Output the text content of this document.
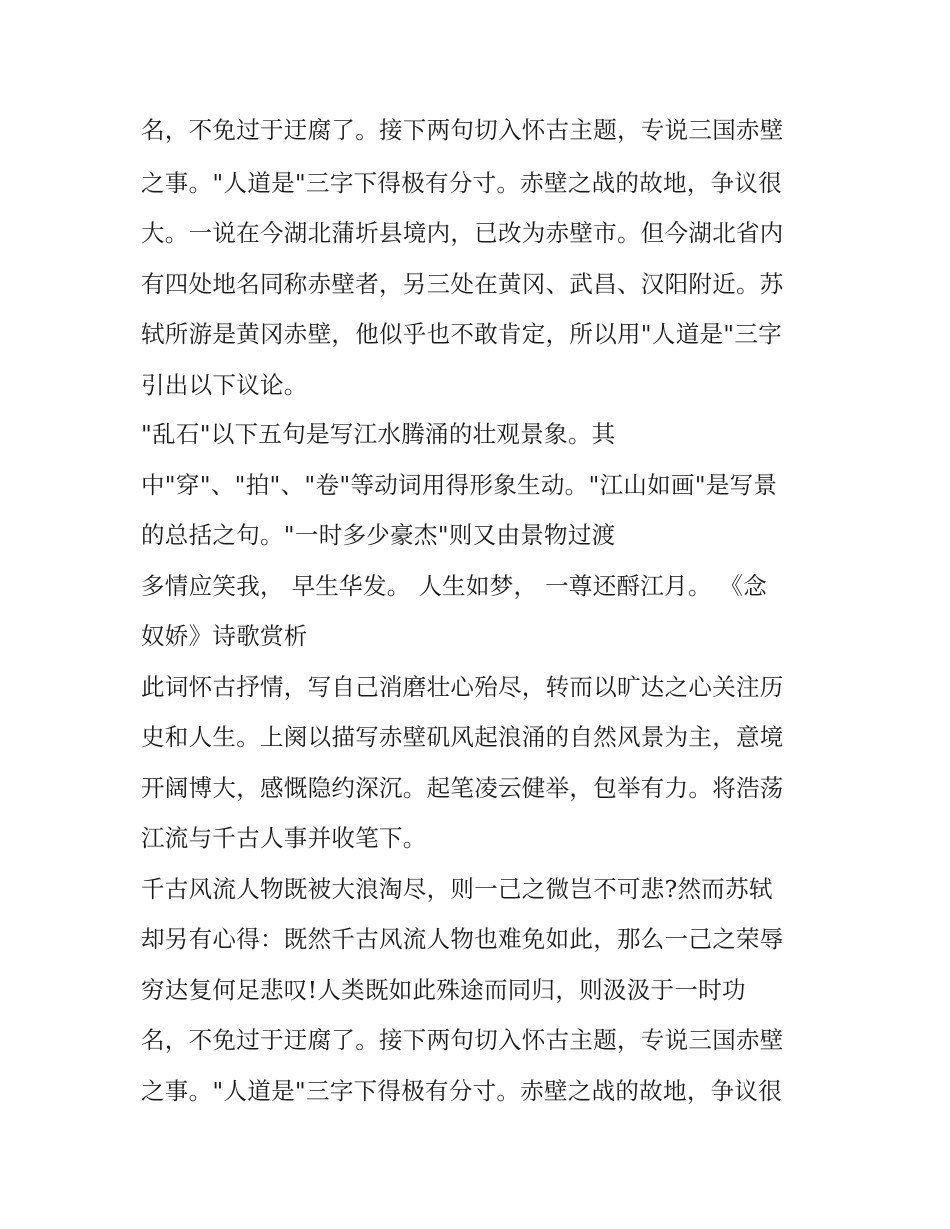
名，不免过于迂腐了。接下两句切入怀古主题，专说三国赤壁
之事。"人道是"三字下得极有分寸。赤壁之战的故地，争议很
大。一说在今湖北蒲圻县境内，已改为赤壁市。但今湖北省内
有四处地名同称赤壁者，另三处在黄冈、武昌、汉阳附近。苏
轼所游是黄冈赤壁，他似乎也不敢肯定，所以用"人道是"三字
引出以下议论。
"乱石"以下五句是写江水腾涌的壮观景象。其
中"穿"、"拍"、"卷"等动词用得形象生动。"江山如画"是写景
的总括之句。"一时多少豪杰"则又由景物过渡
多情应笑我， 早生华发。 人生如梦， 一尊还酹江月。 《念
奴娇》诗歌赏析
此词怀古抒情，写自己消磨壮心殆尽，转而以旷达之心关注历
史和人生。上阕以描写赤壁矶风起浪涌的自然风景为主，意境
开阔博大，感慨隐约深沉。起笔凌云健举，包举有力。将浩荡
江流与千古人事并收笔下。
千古风流人物既被大浪淘尽，则一己之微岂不可悲?然而苏轼
却另有心得：既然千古风流人物也难免如此，那么一己之荣辱
穷达复何足悲叹!人类既如此殊途而同归，则汲汲于一时功
名，不免过于迂腐了。接下两句切入怀古主题，专说三国赤壁
之事。"人道是"三字下得极有分寸。赤壁之战的故地，争议很
